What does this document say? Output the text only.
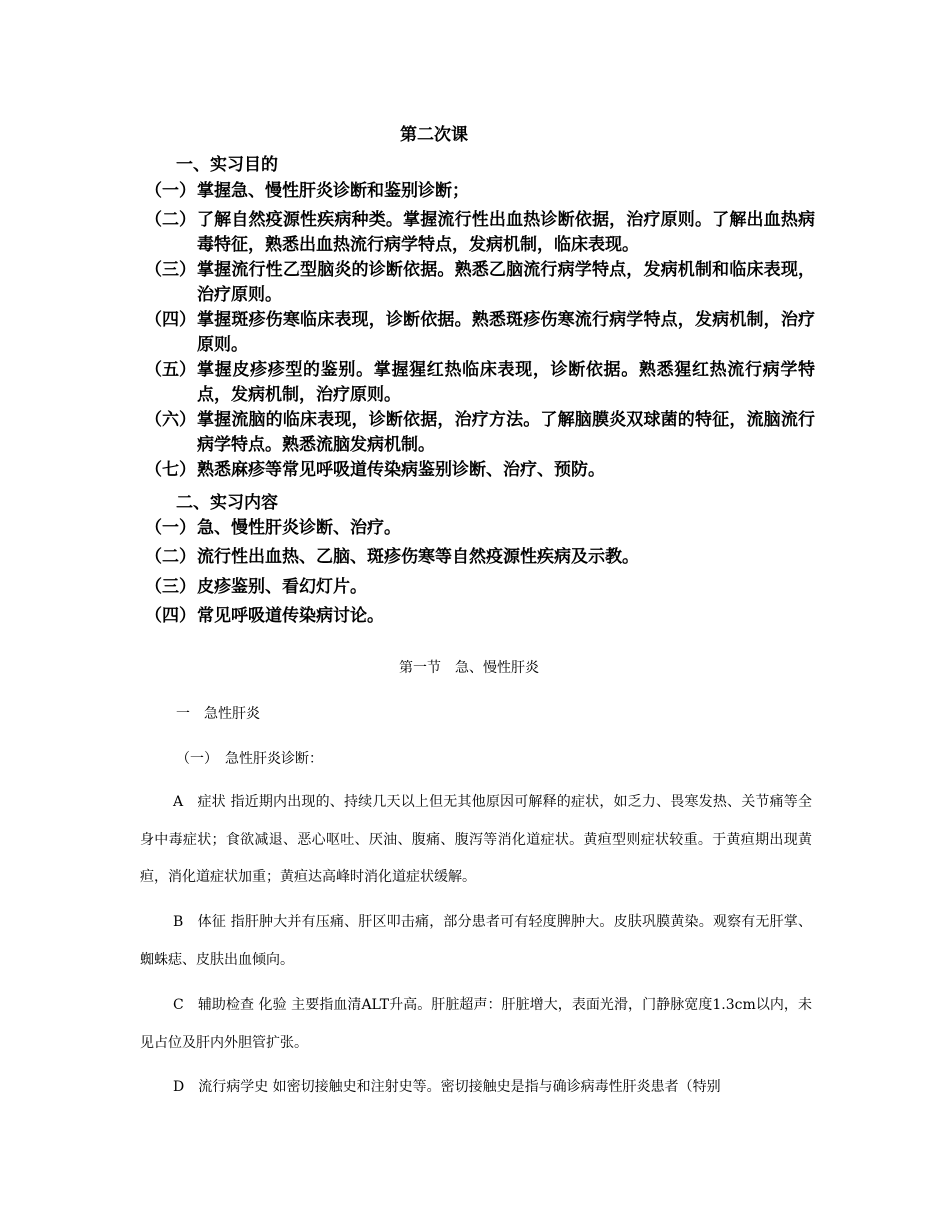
第二次课
一、实习目的
（一） 掌握急、慢性肝炎诊断和鉴别诊断；
（二） 了解自然疫源性疾病种类。掌握流行性出血热诊断依据，治疗原则。了解出血热病毒特征，熟悉出血热流行病学特点，发病机制，临床表现。
（三） 掌握流行性乙型脑炎的诊断依据。熟悉乙脑流行病学特点，发病机制和临床表现，治疗原则。
（四） 掌握斑疹伤寒临床表现，诊断依据。熟悉斑疹伤寒流行病学特点，发病机制，治疗原则。
（五） 掌握皮疹疹型的鉴别。掌握猩红热临床表现，诊断依据。熟悉猩红热流行病学特点，发病机制，治疗原则。
（六） 掌握流脑的临床表现，诊断依据，治疗方法。了解脑膜炎双球菌的特征，流脑流行病学特点。熟悉流脑发病机制。
（七） 熟悉麻疹等常见呼吸道传染病鉴别诊断、治疗、预防。
二、实习内容
（一） 急、慢性肝炎诊断、治疗。
（二） 流行性出血热、乙脑、斑疹伤寒等自然疫源性疾病及示教。
（三） 皮疹鉴别、看幻灯片。
（四） 常见呼吸道传染病讨论。
第一节　急、慢性肝炎
一　急性肝炎
（一）　急性肝炎诊断：
A　症状 指近期内出现的、持续几天以上但无其他原因可解释的症状，如乏力、畏寒发热、关节痛等全身中毒症状；食欲减退、恶心呕吐、厌油、腹痛、腹泻等消化道症状。黄疸型则症状较重。于黄疸期出现黄疸，消化道症状加重；黄疸达高峰时消化道症状缓解。
B　体征 指肝肿大并有压痛、肝区叩击痛，部分患者可有轻度脾肿大。皮肤巩膜黄染。观察有无肝掌、蜘蛛痣、皮肤出血倾向。
C　辅助检查 化验 主要指血清ALT升高。肝脏超声：肝脏增大，表面光滑，门静脉宽度1.3cm以内，未见占位及肝内外胆管扩张。
D　流行病学史 如密切接触史和注射史等。密切接触史是指与确诊病毒性肝炎患者（特别
